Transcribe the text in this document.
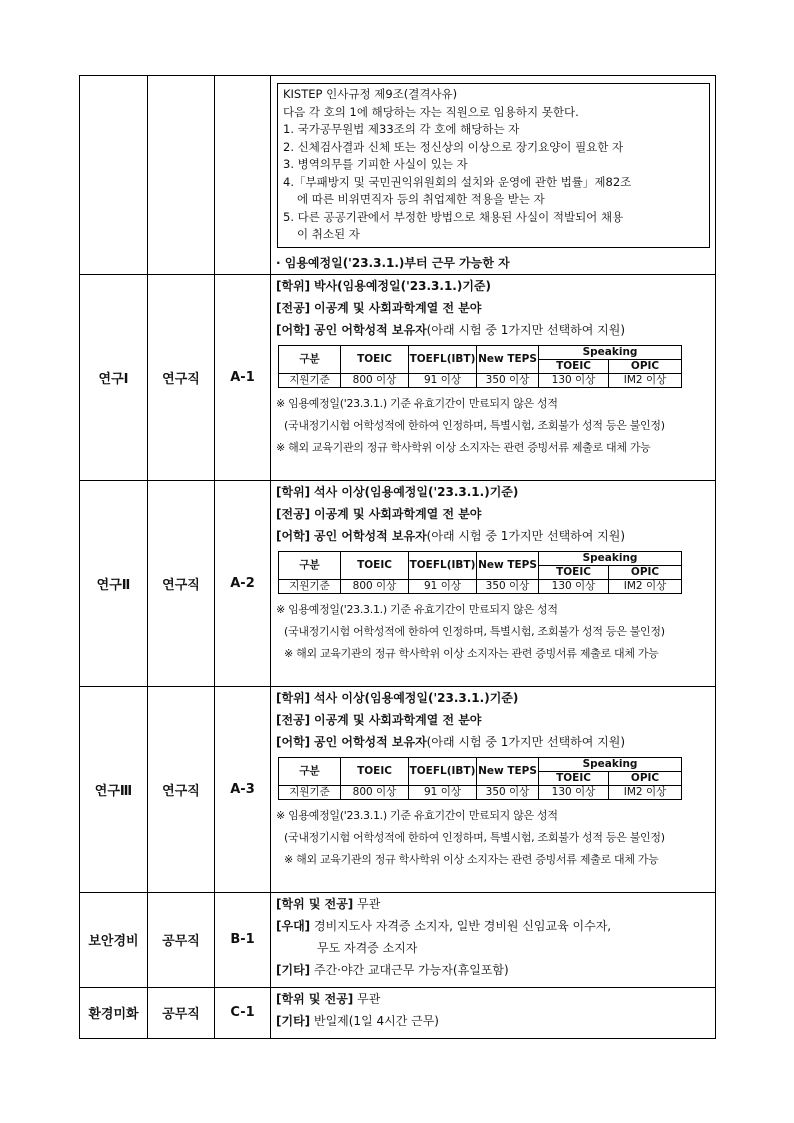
KISTEP 인사규정 제9조(결격사유)
다음 각 호의 1에 해당하는 자는 직원으로 임용하지 못한다.
1. 국가공무원법 제33조의 각 호에 해당하는 자
2. 신체검사결과 신체 또는 정신상의 이상으로 장기요양이 필요한 자
3. 병역의무를 기피한 사실이 있는 자
4.「부패방지 및 국민권익위원회의 설치와 운영에 관한 법률」제82조
에 따른 비위면직자 등의 취업제한 적용을 받는 자
5. 다른 공공기관에서 부정한 방법으로 채용된 사실이 적발되어 채용
이 취소된 자
· 임용예정일('23.3.1.)부터 근무 가능한 자

연구Ⅰ	연구직	A-1	
[학위] 박사(임용예정일('23.3.1.)기준)
[전공] 이공계 및 사회과학계열 전 분야
[어학] 공인 어학성적 보유자(아래 시험 중 1가지만 선택하여 지원)
구분	TOEIC	TOEFL(IBT)	New TEPS	Speaking
TOEIC	OPIC
지원기준	800 이상	91 이상	350 이상	130 이상	IM2 이상
※ 임용예정일('23.3.1.) 기준 유효기간이 만료되지 않은 성적
(국내정기시험 어학성적에 한하여 인정하며, 특별시험, 조회불가 성적 등은 불인정)
※ 해외 교육기관의 정규 학사학위 이상 소지자는 관련 증빙서류 제출로 대체 가능

연구Ⅱ	연구직	A-2	
[학위] 석사 이상(임용예정일('23.3.1.)기준)
[전공] 이공계 및 사회과학계열 전 분야
[어학] 공인 어학성적 보유자(아래 시험 중 1가지만 선택하여 지원)
구분	TOEIC	TOEFL(IBT)	New TEPS	Speaking
TOEIC	OPIC
지원기준	800 이상	91 이상	350 이상	130 이상	IM2 이상
※ 임용예정일('23.3.1.) 기준 유효기간이 만료되지 않은 성적
(국내정기시험 어학성적에 한하여 인정하며, 특별시험, 조회불가 성적 등은 불인정)
※ 해외 교육기관의 정규 학사학위 이상 소지자는 관련 증빙서류 제출로 대체 가능

연구Ⅲ	연구직	A-3	
[학위] 석사 이상(임용예정일('23.3.1.)기준)
[전공] 이공계 및 사회과학계열 전 분야
[어학] 공인 어학성적 보유자(아래 시험 중 1가지만 선택하여 지원)
구분	TOEIC	TOEFL(IBT)	New TEPS	Speaking
TOEIC	OPIC
지원기준	800 이상	91 이상	350 이상	130 이상	IM2 이상
※ 임용예정일('23.3.1.) 기준 유효기간이 만료되지 않은 성적
(국내정기시험 어학성적에 한하여 인정하며, 특별시험, 조회불가 성적 등은 불인정)
※ 해외 교육기관의 정규 학사학위 이상 소지자는 관련 증빙서류 제출로 대체 가능

보안경비	공무직	B-1	
[학위 및 전공] 무관
[우대] 경비지도사 자격증 소지자, 일반 경비원 신임교육 이수자,
무도 자격증 소지자
[기타] 주간·야간 교대근무 가능자(휴일포함)

환경미화	공무직	C-1	
[학위 및 전공] 무관
[기타] 반일제(1일 4시간 근무)
